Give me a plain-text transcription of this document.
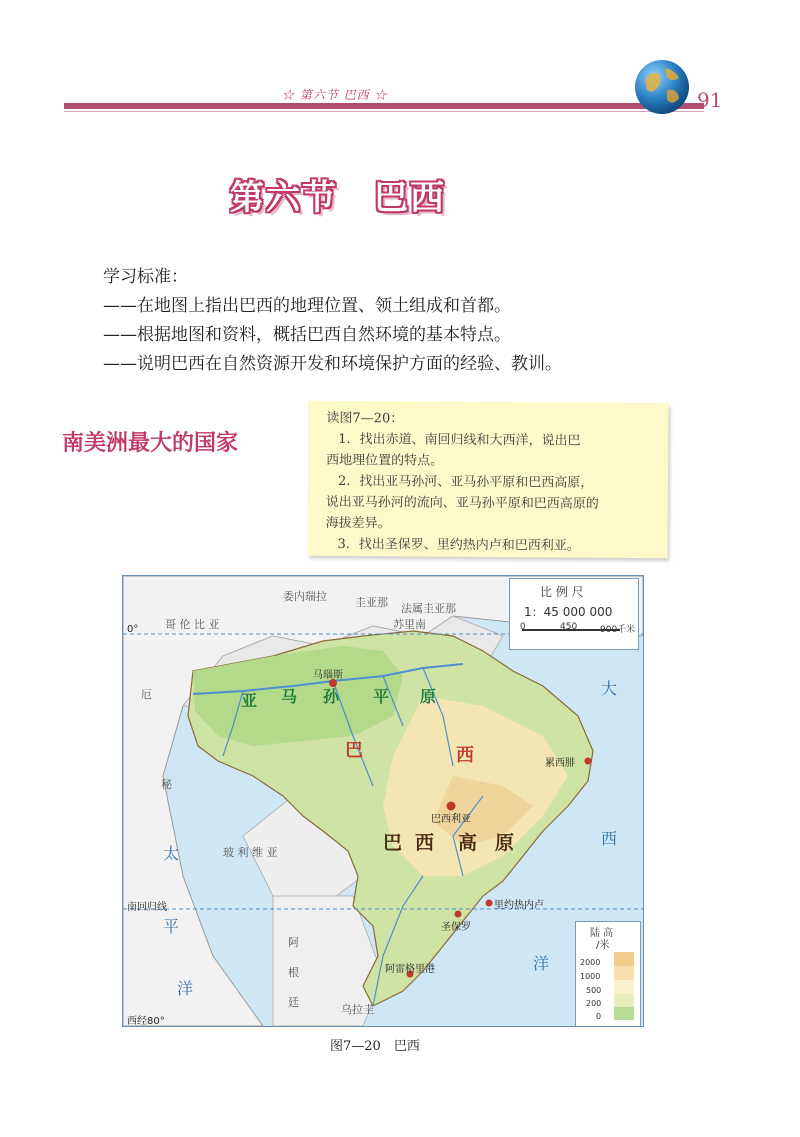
☆ 第六节 巴西 ☆	91
第六节　巴西
学习标准：
——在地图上指出巴西的地理位置、领土组成和首都。
——根据地图和资料，概括巴西自然环境的基本特点。
——说明巴西在自然资源开发和环境保护方面的经验、教训。
南美洲最大的国家
读图7—20：
1．找出赤道、南回归线和大西洋，说出巴
西地理位置的特点。
2．找出亚马孙河、亚马孙平原和巴西高原，
说出亚马孙河的流向、亚马孙平原和巴西高原的
海拔差异。
3．找出圣保罗、里约热内卢和巴西利亚。
亚 马 孙 平 原
巴	西
巴 西 高 原
大
西
洋
太
平
洋
哥 伦 比 亚
委内瑞拉	圭亚那
苏里南
法属圭亚那
玻 利 维 亚
阿
根
廷
乌拉圭
秘
厄
马瑙斯
巴西利亚
累西腓
里约热内卢
圣保罗
阿雷格里港
0°
南回归线
西经80°
比 例 尺
1：45 000 000
0	450	900千米
陆 高
/米
2000
1000
500
200
0
图7—20　巴西
